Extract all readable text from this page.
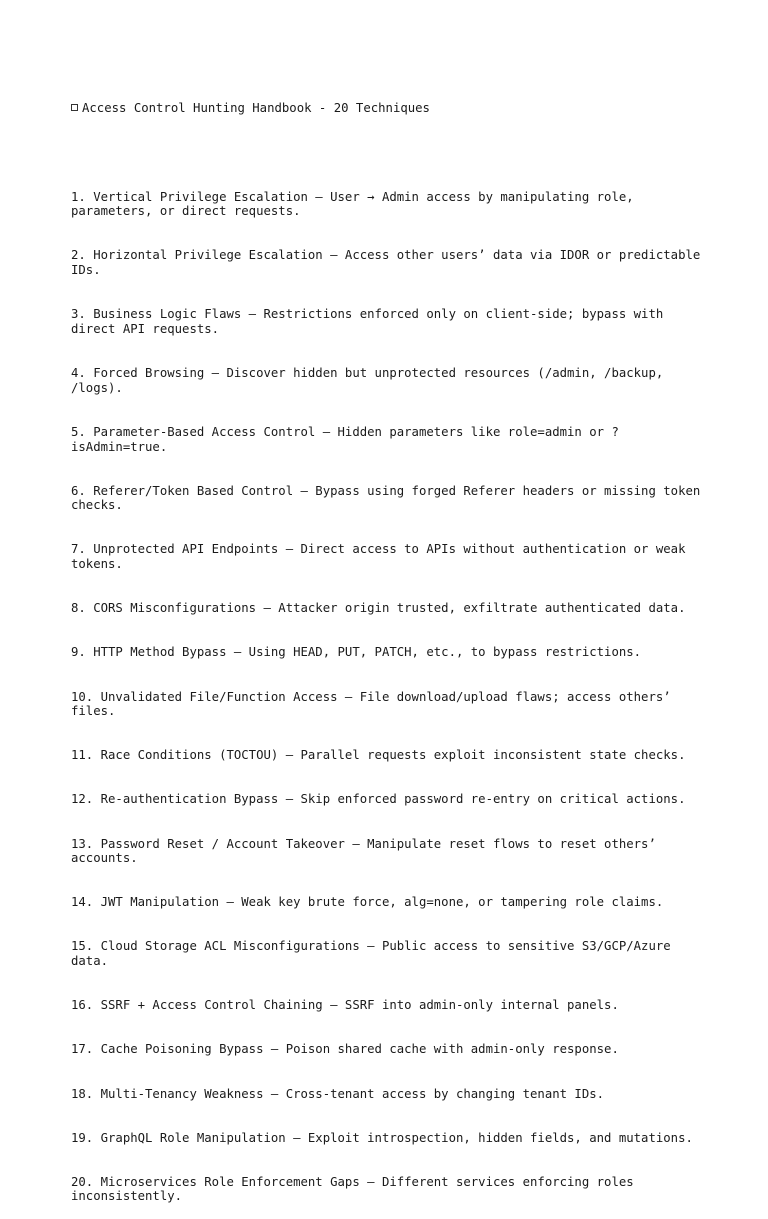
Access Control Hunting Handbook - 20 Techniques

1. Vertical Privilege Escalation – User → Admin access by manipulating role, parameters, or direct requests.

2. Horizontal Privilege Escalation – Access other users’ data via IDOR or predictable IDs.

3. Business Logic Flaws – Restrictions enforced only on client-side; bypass with direct API requests.

4. Forced Browsing – Discover hidden but unprotected resources (/admin, /backup, /logs).

5. Parameter-Based Access Control – Hidden parameters like role=admin or ?isAdmin=true.

6. Referer/Token Based Control – Bypass using forged Referer headers or missing token checks.

7. Unprotected API Endpoints – Direct access to APIs without authentication or weak tokens.

8. CORS Misconfigurations – Attacker origin trusted, exfiltrate authenticated data.

9. HTTP Method Bypass – Using HEAD, PUT, PATCH, etc., to bypass restrictions.

10. Unvalidated File/Function Access – File download/upload flaws; access others’ files.

11. Race Conditions (TOCTOU) – Parallel requests exploit inconsistent state checks.

12. Re-authentication Bypass – Skip enforced password re-entry on critical actions.

13. Password Reset / Account Takeover – Manipulate reset flows to reset others’ accounts.

14. JWT Manipulation – Weak key brute force, alg=none, or tampering role claims.

15. Cloud Storage ACL Misconfigurations – Public access to sensitive S3/GCP/Azure data.

16. SSRF + Access Control Chaining – SSRF into admin-only internal panels.

17. Cache Poisoning Bypass – Poison shared cache with admin-only response.

18. Multi-Tenancy Weakness – Cross-tenant access by changing tenant IDs.

19. GraphQL Role Manipulation – Exploit introspection, hidden fields, and mutations.

20. Microservices Role Enforcement Gaps – Different services enforcing roles inconsistently.
